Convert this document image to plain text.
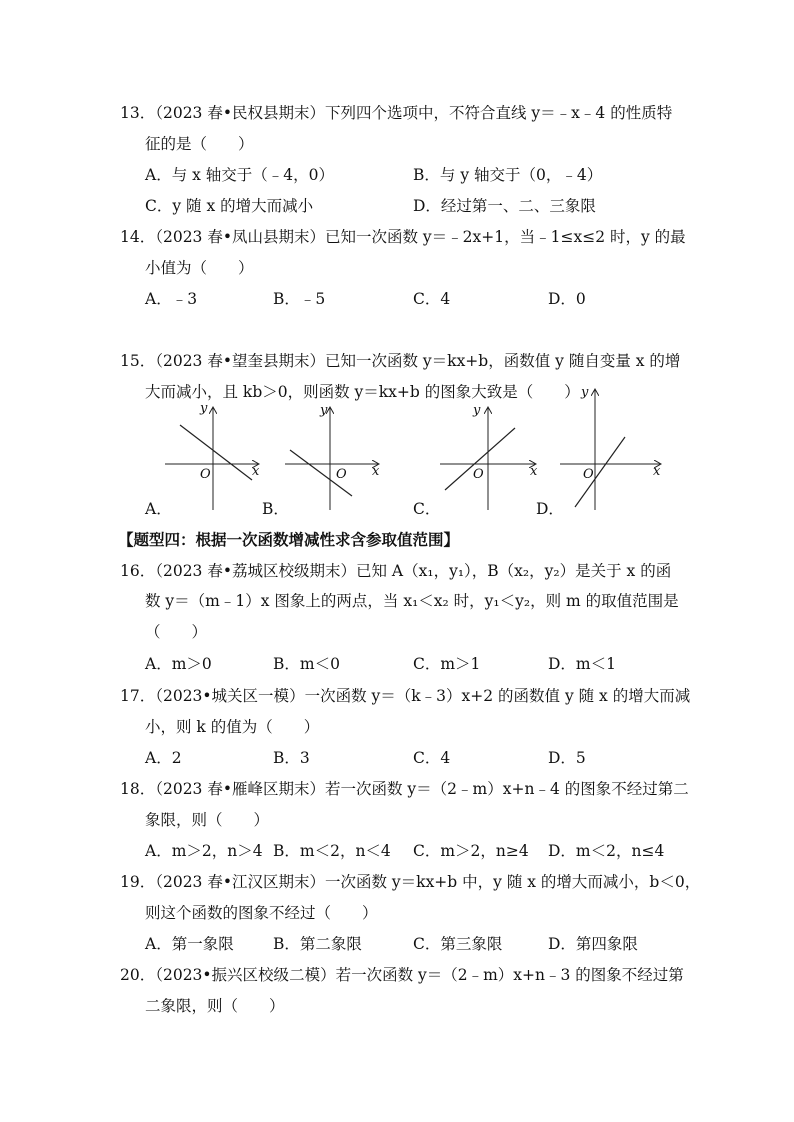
13．（2023 春•民权县期末）下列四个选项中，不符合直线 y＝﹣x﹣4 的性质特
征的是（　　）
A．与 x 轴交于（﹣4，0）	B．与 y 轴交于（0，﹣4）
C．y 随 x 的增大而减小	D．经过第一、二、三象限
14．（2023 春•凤山县期末）已知一次函数 y＝﹣2x+1，当﹣1≤x≤2 时，y 的最
小值为（　　）
A．﹣3	B．﹣5	C．4	D．0
15．（2023 春•望奎县期末）已知一次函数 y＝kx+b，函数值 y 随自变量 x 的增
大而减小，且 kb＞0，则函数 y＝kx+b 的图象大致是（　　）
y
x
O
A．
y
x
O
B．
y
x
O
C．
y
x
O
D．
【题型四：根据一次函数增减性求含参取值范围】
16．（2023 春•荔城区校级期末）已知 A（x₁，y₁），B（x₂，y₂）是关于 x 的函
数 y＝（m﹣1）x 图象上的两点，当 x₁＜x₂ 时，y₁＜y₂，则 m 的取值范围是
（　　）
A．m＞0	B．m＜0	C．m＞1	D．m＜1
17．（2023•城关区一模）一次函数 y＝（k﹣3）x+2 的函数值 y 随 x 的增大而减
小，则 k 的值为（　　）
A．2	B．3	C．4	D．5
18．（2023 春•雁峰区期末）若一次函数 y＝（2﹣m）x+n﹣4 的图象不经过第二
象限，则（　　）
A．m＞2，n＞4 B．m＜2，n＜4 C．m＞2，n≥4 D．m＜2，n≤4
19．（2023 春•江汉区期末）一次函数 y＝kx+b 中，y 随 x 的增大而减小，b＜0，
则这个函数的图象不经过（　　）
A．第一象限	B．第二象限	C．第三象限	D．第四象限
20．（2023•振兴区校级二模）若一次函数 y＝（2﹣m）x+n﹣3 的图象不经过第
二象限，则（　　）
